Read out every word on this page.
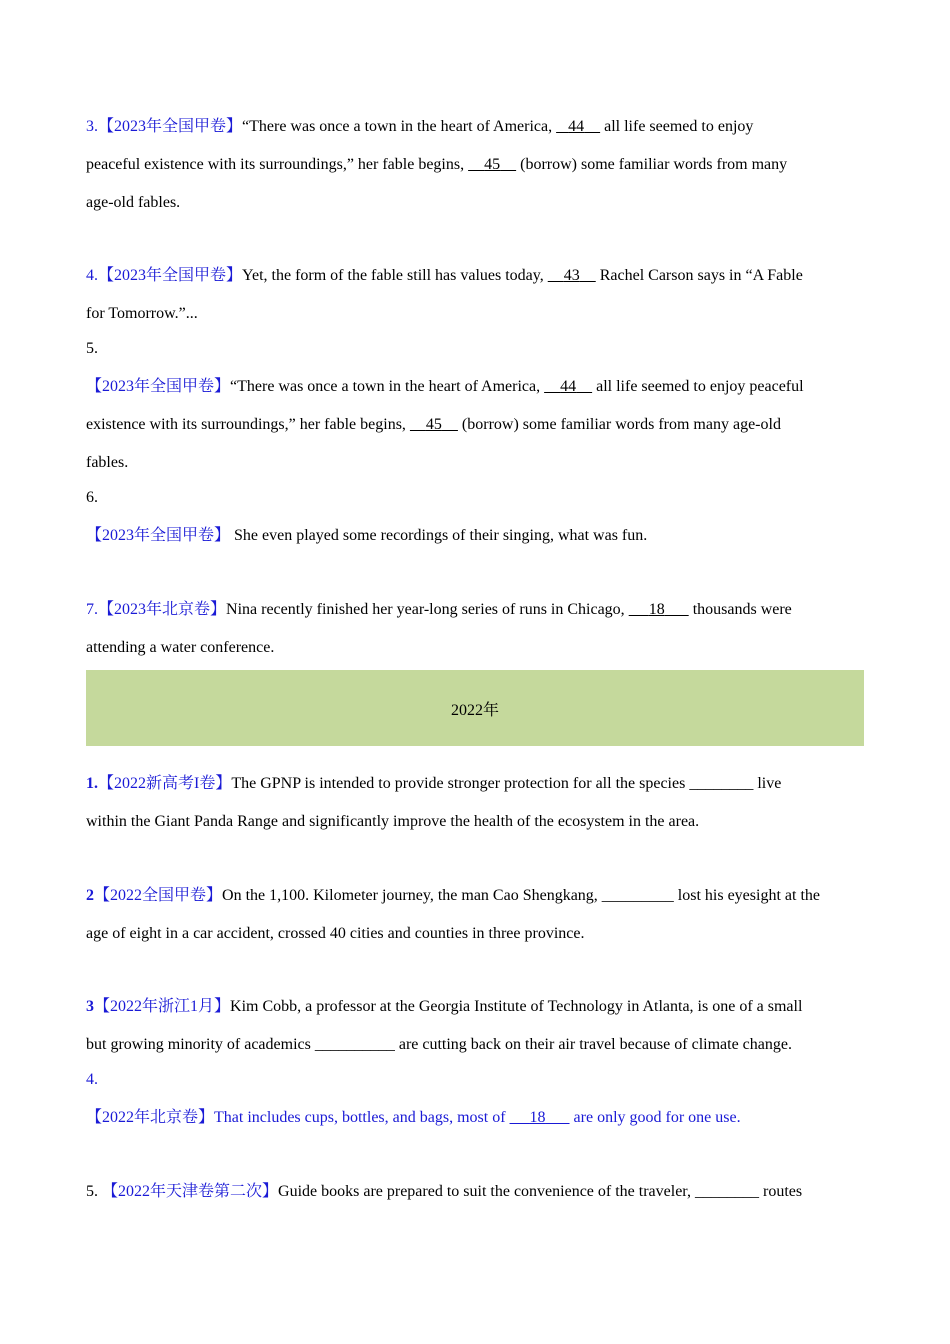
3.【2023年全国甲卷】“There was once a town in the heart of America,    44     all life seemed to enjoy
peaceful existence with its surroundings,” her fable begins,     45     (borrow) some familiar words from many
age-old fables.
4.【2023年全国甲卷】Yet, the form of the fable still has values today,     43     Rachel Carson says in “A Fable
for Tomorrow.”...
5.
【2023年全国甲卷】“There was once a town in the heart of America,     44     all life seemed to enjoy peaceful
existence with its surroundings,” her fable begins,     45     (borrow) some familiar words from many age-old
fables.
6.
【2023年全国甲卷】 She even played some recordings of their singing, what was fun.
7.【2023年北京卷】Nina recently finished her year-long series of runs in Chicago,      18       thousands were
attending a water conference.
2022年
1.【2022新高考I卷】The GPNP is intended to provide stronger protection for all the species ________ live
within the Giant Panda Range and significantly improve the health of the ecosystem in the area.
2【2022全国甲卷】On the 1,100. Kilometer journey, the man Cao Shengkang, _________ lost his eyesight at the
age of eight in a car accident, crossed 40 cities and counties in three province.
3【2022年浙江1月】Kim Cobb, a professor at the Georgia Institute of Technology in Atlanta, is one of a small
but growing minority of academics __________ are cutting back on their air travel because of climate change.
4.
【2022年北京卷】That includes cups, bottles, and bags, most of      18       are only good for one use.
5. 【2022年天津卷第二次】Guide books are prepared to suit the convenience of the traveler, ________ routes
